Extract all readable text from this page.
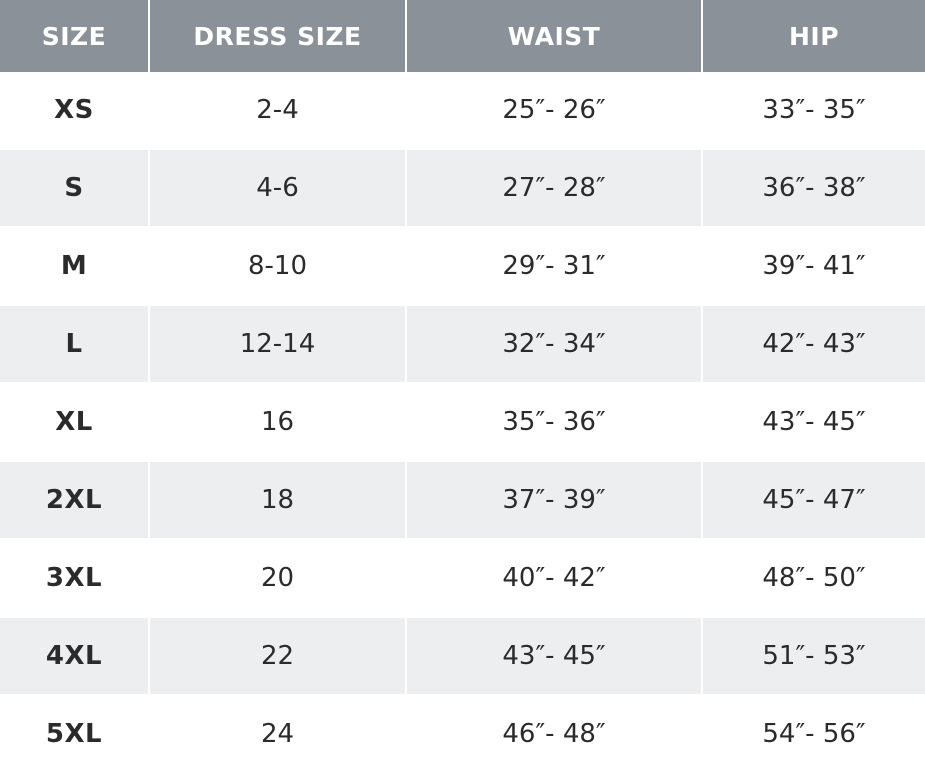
SIZE	DRESS SIZE	WAIST	HIP
XS	2-4	25″- 26″	33″- 35″
S	4-6	27″- 28″	36″- 38″
M	8-10	29″- 31″	39″- 41″
L	12-14	32″- 34″	42″- 43″
XL	16	35″- 36″	43″- 45″
2XL	18	37″- 39″	45″- 47″
3XL	20	40″- 42″	48″- 50″
4XL	22	43″- 45″	51″- 53″
5XL	24	46″- 48″	54″- 56″
